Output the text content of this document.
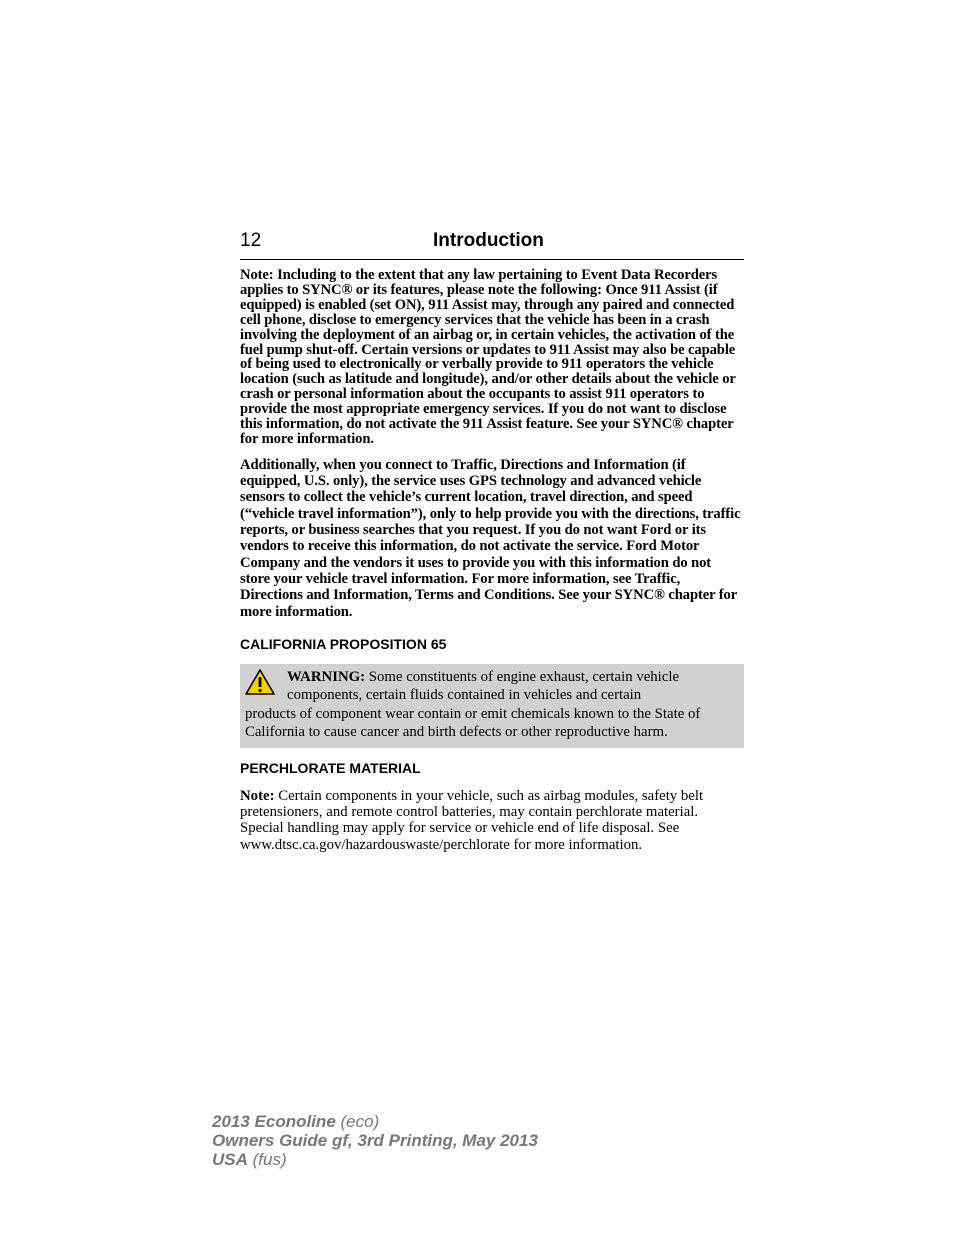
12	Introduction

Note: Including to the extent that any law pertaining to Event Data Recorders applies to SYNC® or its features, please note the following: Once 911 Assist (if equipped) is enabled (set ON), 911 Assist may, through any paired and connected cell phone, disclose to emergency services that the vehicle has been in a crash involving the deployment of an airbag or, in certain vehicles, the activation of the fuel pump shut-off. Certain versions or updates to 911 Assist may also be capable of being used to electronically or verbally provide to 911 operators the vehicle location (such as latitude and longitude), and/or other details about the vehicle or crash or personal information about the occupants to assist 911 operators to provide the most appropriate emergency services. If you do not want to disclose this information, do not activate the 911 Assist feature. See your SYNC® chapter for more information.

Additionally, when you connect to Traffic, Directions and Information (if equipped, U.S. only), the service uses GPS technology and advanced vehicle sensors to collect the vehicle’s current location, travel direction, and speed (“vehicle travel information”), only to help provide you with the directions, traffic reports, or business searches that you request. If you do not want Ford or its vendors to receive this information, do not activate the service. Ford Motor Company and the vendors it uses to provide you with this information do not store your vehicle travel information. For more information, see Traffic, Directions and Information, Terms and Conditions. See your SYNC® chapter for more information.

CALIFORNIA PROPOSITION 65
WARNING: Some constituents of engine exhaust, certain vehicle components, certain fluids contained in vehicles and certain
products of component wear contain or emit chemicals known to the State of California to cause cancer and birth defects or other reproductive harm.
PERCHLORATE MATERIAL

Note: Certain components in your vehicle, such as airbag modules, safety belt pretensioners, and remote control batteries, may contain perchlorate material. Special handling may apply for service or vehicle end of life disposal. See www.dtsc.ca.gov/hazardouswaste/perchlorate for more information.

2013 Econoline (eco)
Owners Guide gf, 3rd Printing, May 2013
USA (fus)
